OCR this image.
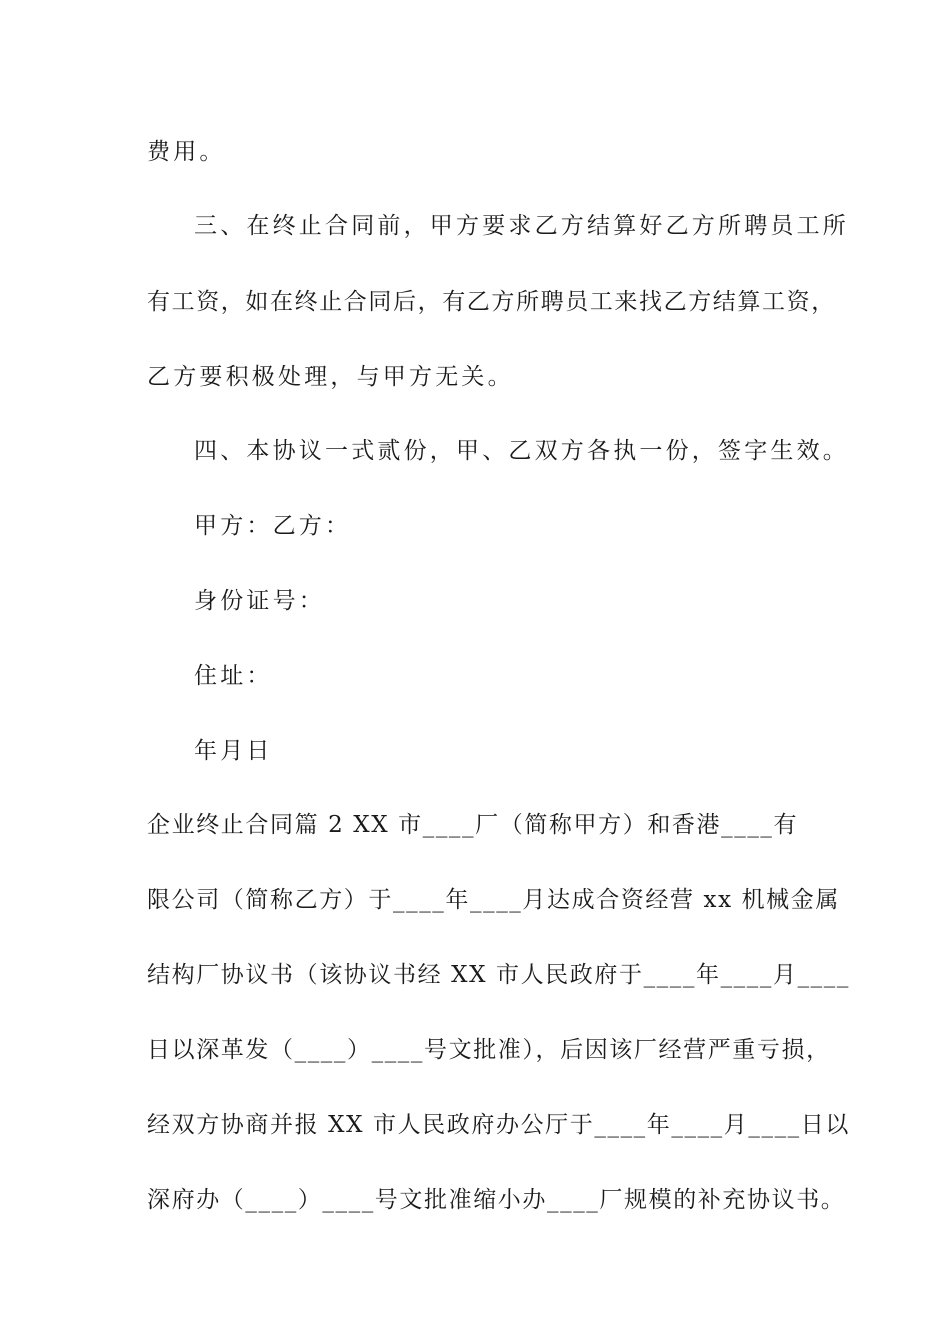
费用。
三、在终止合同前，甲方要求乙方结算好乙方所聘员工所
有工资，如在终止合同后，有乙方所聘员工来找乙方结算工资，
乙方要积极处理，与甲方无关。
四、本协议一式贰份，甲、乙双方各执一份，签字生效。
甲方：乙方：
身份证号：
住址：
年月日
企业终止合同篇 2 XX 市____厂（简称甲方）和香港____有
限公司（简称乙方）于____年____月达成合资经营 xx 机械金属
结构厂协议书（该协议书经 XX 市人民政府于____年____月____
日以深革发（____）____号文批准），后因该厂经营严重亏损，
经双方协商并报 XX 市人民政府办公厅于____年____月____日以
深府办（____）____号文批准缩小办____厂规模的补充协议书。
